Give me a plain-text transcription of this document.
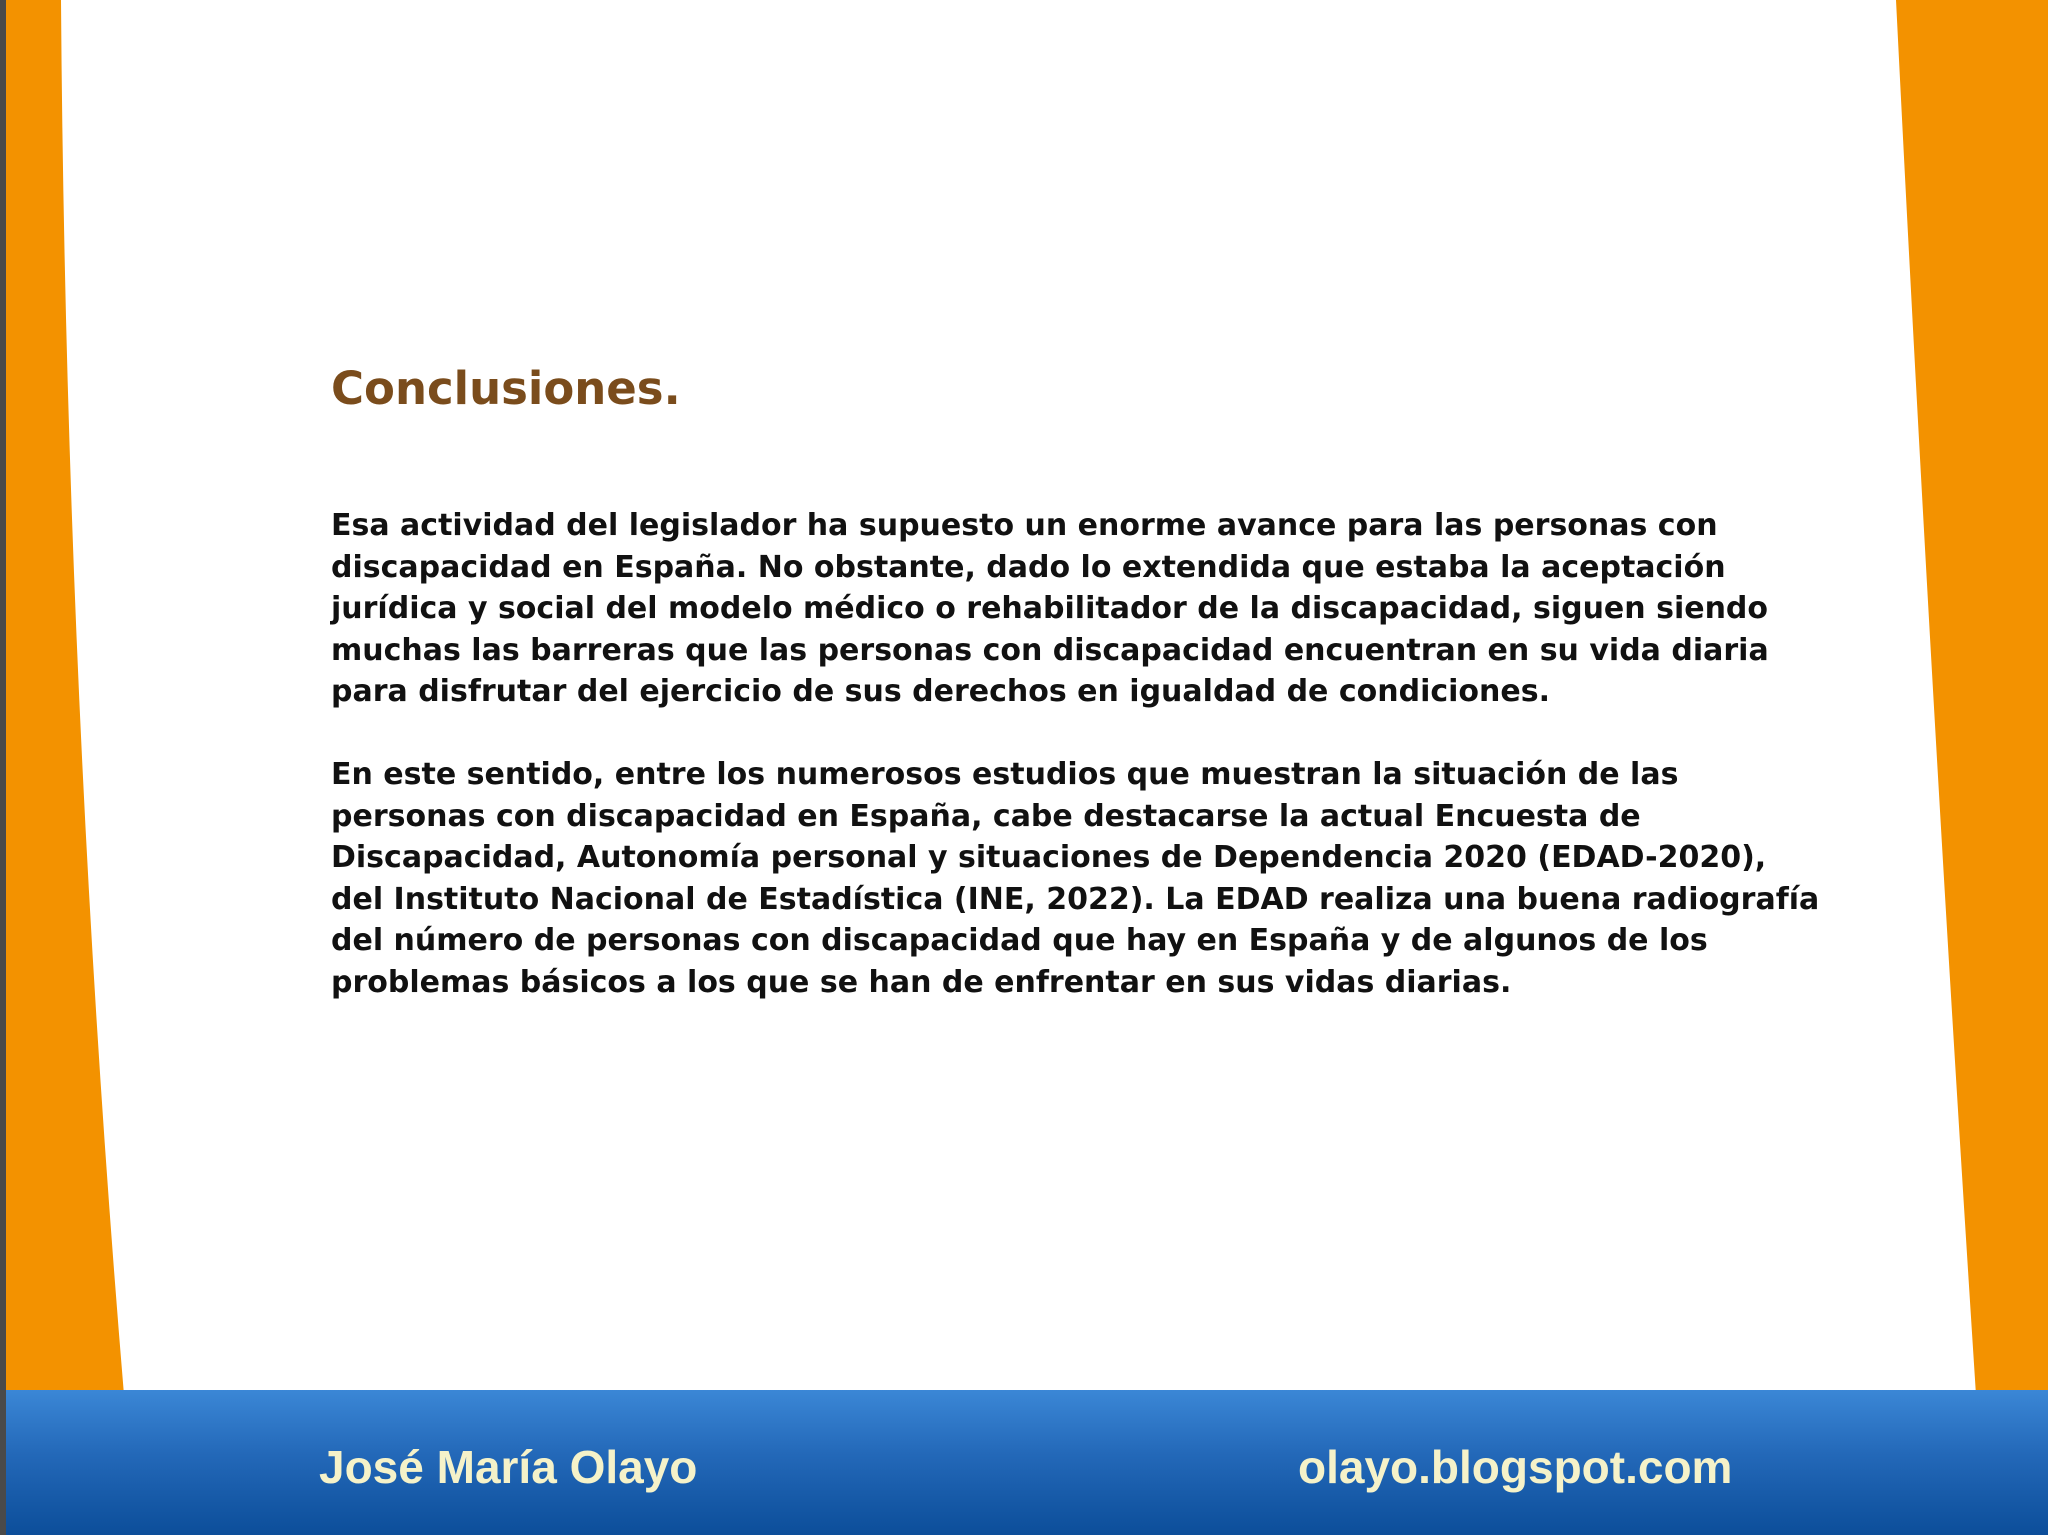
Conclusiones.

Esa actividad del legislador ha supuesto un enorme avance para las personas con
discapacidad en España. No obstante, dado lo extendida que estaba la aceptación
jurídica y social del modelo médico o rehabilitador de la discapacidad, siguen siendo
muchas las barreras que las personas con discapacidad encuentran en su vida diaria
para disfrutar del ejercicio de sus derechos en igualdad de condiciones.

En este sentido, entre los numerosos estudios que muestran la situación de las
personas con discapacidad en España, cabe destacarse la actual Encuesta de
Discapacidad, Autonomía personal y situaciones de Dependencia 2020 (EDAD-2020),
del Instituto Nacional de Estadística (INE, 2022). La EDAD realiza una buena radiografía
del número de personas con discapacidad que hay en España y de algunos de los
problemas básicos a los que se han de enfrentar en sus vidas diarias.

José María Olayo	olayo.blogspot.com
